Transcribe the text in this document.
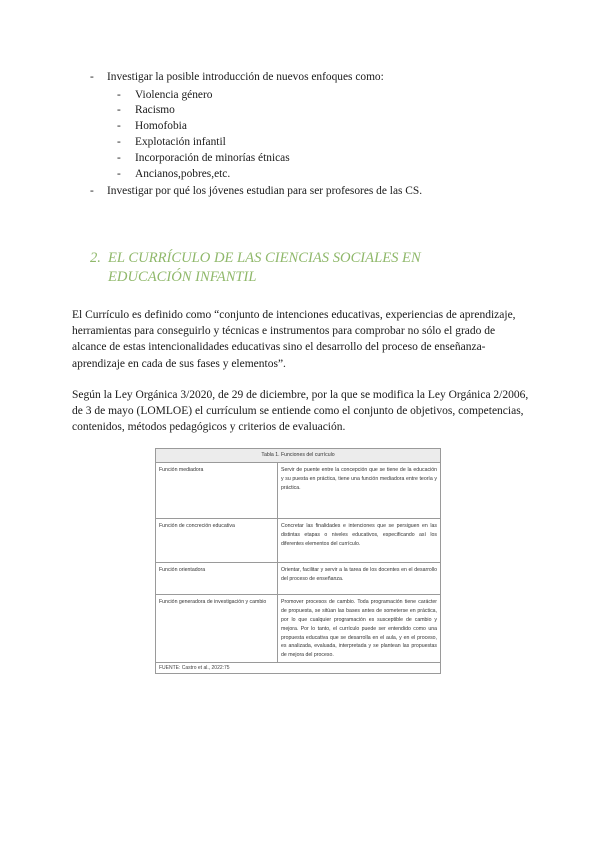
- Investigar la posible introducción de nuevos enfoques como:
- Violencia género
- Racismo
- Homofobia
- Explotación infantil
- Incorporación de minorías étnicas
- Ancianos,pobres,etc.
- Investigar por qué los jóvenes estudian para ser profesores de las CS.
2. EL CURRÍCULO DE LAS CIENCIAS SOCIALES EN
EDUCACIÓN INFANTIL

El Currículo es definido como “conjunto de intenciones educativas, experiencias de aprendizaje, herramientas para conseguirlo y técnicas e instrumentos para comprobar no sólo el grado de alcance de estas intencionalidades educativas sino el desarrollo del proceso de enseñanza-aprendizaje en cada de sus fases y elementos”.

Según la Ley Orgánica 3/2020, de 29 de diciembre, por la que se modifica la Ley Orgánica 2/2006, de 3 de mayo (LOMLOE) el currículum se entiende como el conjunto de objetivos, competencias, contenidos, métodos pedagógicos y criterios de evaluación.

Tabla 1. Funciones del currículo	
Función mediadora	Servir de puente entre la concepción que se tiene de la educación y su puesta en práctica, tiene una función mediadora entre teoría y práctica.
Función de concreción educativa	Concretar las finalidades e intenciones que se persiguen en las distintas etapas o niveles educativos, especificando así los diferentes elementos del currículo.
Función orientadora	Orientar, facilitar y servir a la tarea de los docentes en el desarrollo del proceso de enseñanza.
Función generadora de investigación y cambio	Promover procesos de cambio. Toda programación tiene carácter de propuesta, se sitúan las bases antes de someterse en práctica, por lo que cualquier programación es susceptible de cambio y mejora. Por lo tanto, el currículo puede ser entendido como una propuesta educativa que se desarrolla en el aula, y en el proceso, es analizada, evaluada, interpretada y se plantean las propuestas de mejora del proceso.
FUENTE: Castro et al., 2022:75
